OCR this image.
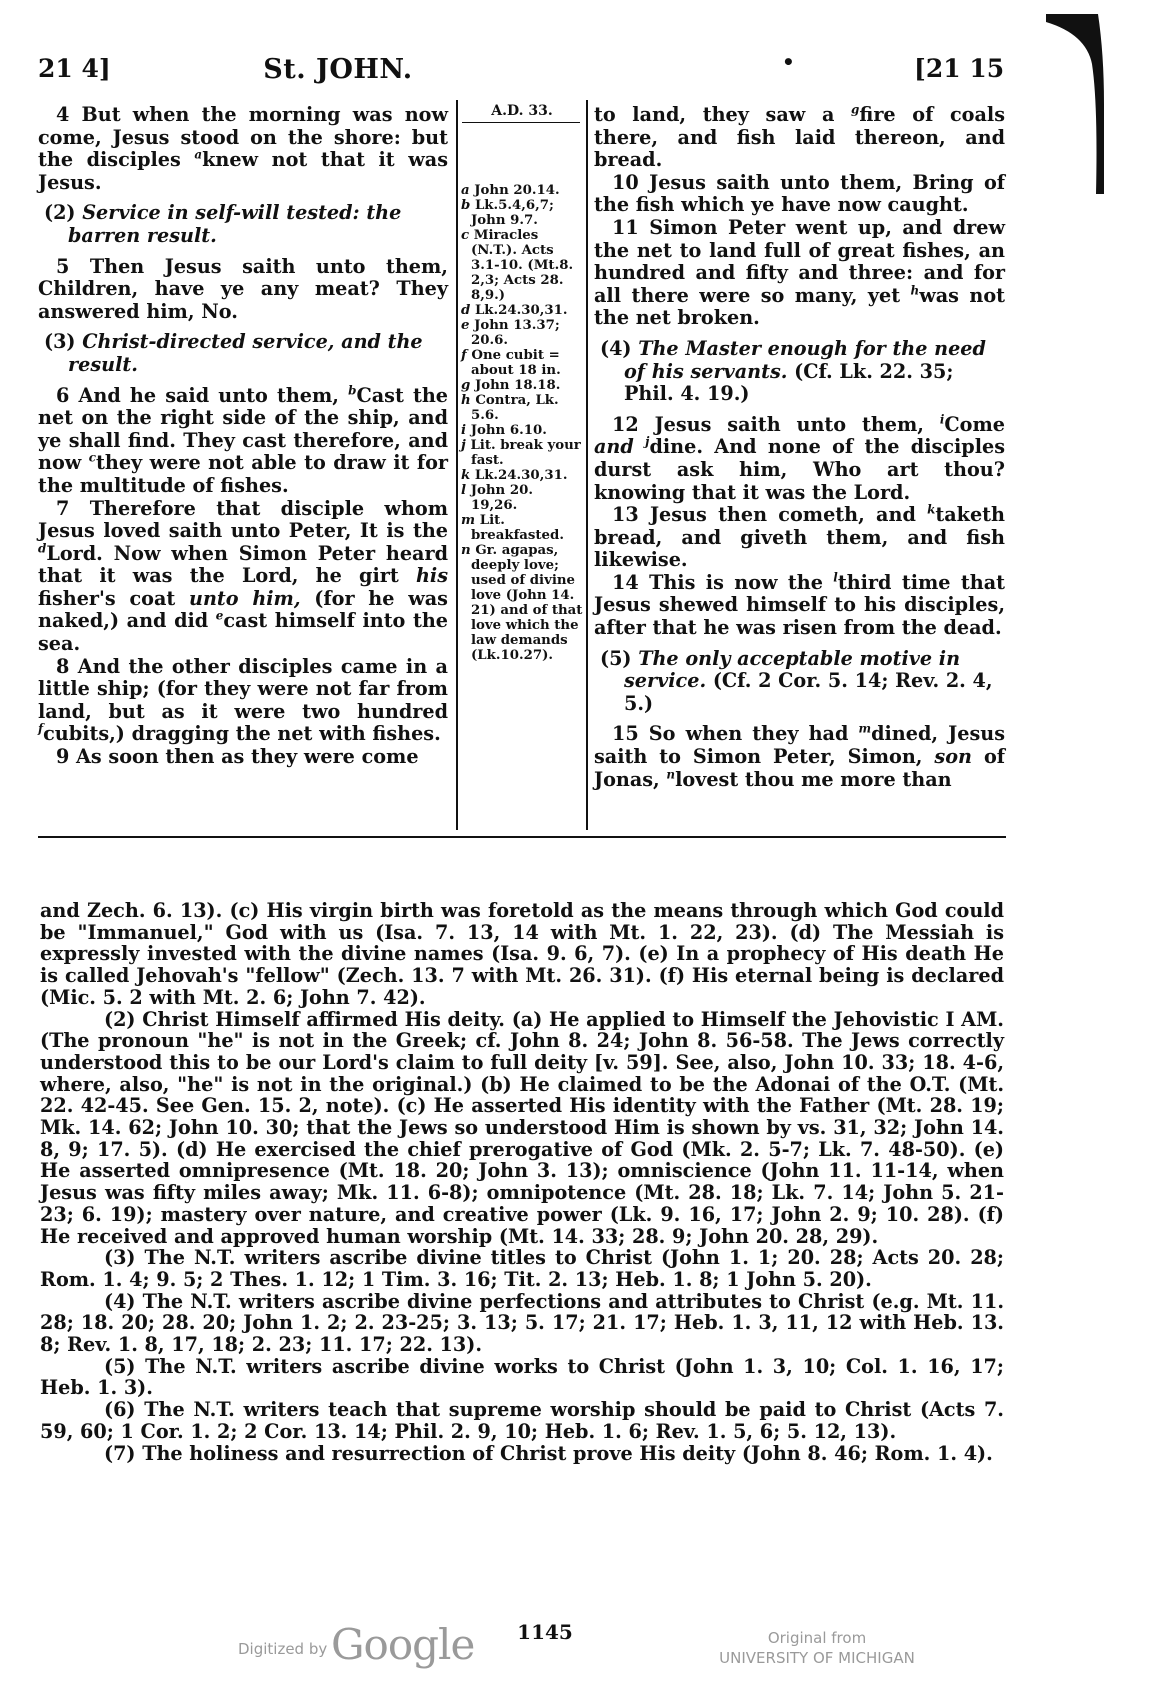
21 4]	St. JOHN.	•	[21 15

4 But when the morning was now come, Jesus stood on the shore: but the disciples $^a$knew not that it was Jesus.

(2) Service in self-will tested: the barren result.

5 Then Jesus saith unto them, Children, have ye any meat? They answered him, No.

(3) Christ-directed service, and the result.

6 And he said unto them, $^b$Cast the net on the right side of the ship, and ye shall find. They cast therefore, and now $^c$they were not able to draw it for the multitude of fishes.

7 Therefore that disciple whom Jesus loved saith unto Peter, It is the $^d$Lord. Now when Simon Peter heard that it was the Lord, he girt his fisher's coat unto him, (for he was naked,) and did $^e$cast himself into the sea.

8 And the other disciples came in a little ship; (for they were not far from land, but as it were two hundred $^f$cubits,) dragging the net with fishes.

9 As soon then as they were come

A.D. 33.

a John 20.14.

b Lk.5.4,6,7; John 9.7.

c Miracles (N.T.). Acts 3.1-10. (Mt.8. 2,3; Acts 28. 8,9.)

d Lk.24.30,31.

e John 13.37; 20.6.

f One cubit = about 18 in.

g John 18.18.

h Contra, Lk. 5.6.

i John 6.10.

j Lit. break your fast.

k Lk.24.30,31.

l John 20. 19,26.

m Lit. breakfasted.

n Gr. agapas, deeply love; used of divine love (John 14. 21) and of that love which the law demands (Lk.10.27).

to land, they saw a $^g$fire of coals there, and fish laid thereon, and bread.

10 Jesus saith unto them, Bring of the fish which ye have now caught.

11 Simon Peter went up, and drew the net to land full of great fishes, an hundred and fifty and three: and for all there were so many, yet $^h$was not the net broken.

(4) The Master enough for the need of his servants. (Cf. Lk. 22. 35; Phil. 4. 19.)

12 Jesus saith unto them, $^i$Come and $^j$dine. And none of the disciples durst ask him, Who art thou? knowing that it was the Lord.

13 Jesus then cometh, and $^k$taketh bread, and giveth them, and fish likewise.

14 This is now the $^l$third time that Jesus shewed himself to his disciples, after that he was risen from the dead.

(5) The only acceptable motive in service. (Cf. 2 Cor. 5. 14; Rev. 2. 4, 5.)

15 So when they had $^m$dined, Jesus saith to Simon Peter, Simon, son of Jonas, $^n$lovest thou me more than

and Zech. 6. 13). (c) His virgin birth was foretold as the means through which God could be "Immanuel," God with us (Isa. 7. 13, 14 with Mt. 1. 22, 23). (d) The Messiah is expressly invested with the divine names (Isa. 9. 6, 7). (e) In a prophecy of His death He is called Jehovah's "fellow" (Zech. 13. 7 with Mt. 26. 31). (f) His eternal being is declared (Mic. 5. 2 with Mt. 2. 6; John 7. 42).

(2) Christ Himself affirmed His deity. (a) He applied to Himself the Jehovistic I AM. (The pronoun "he" is not in the Greek; cf. John 8. 24; John 8. 56-58. The Jews correctly understood this to be our Lord's claim to full deity [v. 59]. See, also, John 10. 33; 18. 4-6, where, also, "he" is not in the original.) (b) He claimed to be the Adonai of the O.T. (Mt. 22. 42-45. See Gen. 15. 2, note). (c) He asserted His identity with the Father (Mt. 28. 19; Mk. 14. 62; John 10. 30; that the Jews so understood Him is shown by vs. 31, 32; John 14. 8, 9; 17. 5). (d) He exercised the chief prerogative of God (Mk. 2. 5-7; Lk. 7. 48-50). (e) He asserted omnipresence (Mt. 18. 20; John 3. 13); omniscience (John 11. 11-14, when Jesus was fifty miles away; Mk. 11. 6-8); omnipotence (Mt. 28. 18; Lk. 7. 14; John 5. 21-23; 6. 19); mastery over nature, and creative power (Lk. 9. 16, 17; John 2. 9; 10. 28). (f) He received and approved human worship (Mt. 14. 33; 28. 9; John 20. 28, 29).

(3) The N.T. writers ascribe divine titles to Christ (John 1. 1; 20. 28; Acts 20. 28; Rom. 1. 4; 9. 5; 2 Thes. 1. 12; 1 Tim. 3. 16; Tit. 2. 13; Heb. 1. 8; 1 John 5. 20).

(4) The N.T. writers ascribe divine perfections and attributes to Christ (e.g. Mt. 11. 28; 18. 20; 28. 20; John 1. 2; 2. 23-25; 3. 13; 5. 17; 21. 17; Heb. 1. 3, 11, 12 with Heb. 13. 8; Rev. 1. 8, 17, 18; 2. 23; 11. 17; 22. 13).

(5) The N.T. writers ascribe divine works to Christ (John 1. 3, 10; Col. 1. 16, 17; Heb. 1. 3).

(6) The N.T. writers teach that supreme worship should be paid to Christ (Acts 7. 59, 60; 1 Cor. 1. 2; 2 Cor. 13. 14; Phil. 2. 9, 10; Heb. 1. 6; Rev. 1. 5, 6; 5. 12, 13).

(7) The holiness and resurrection of Christ prove His deity (John 8. 46; Rom. 1. 4).

1145
Digitized by Google	Original from
UNIVERSITY OF MICHIGAN
